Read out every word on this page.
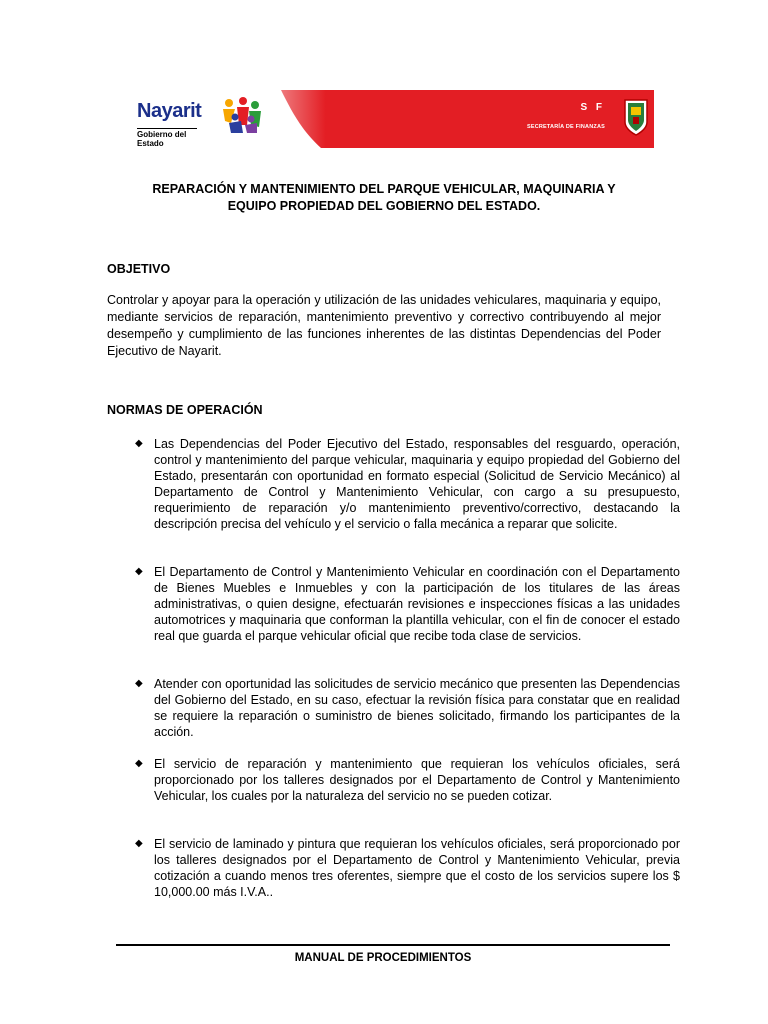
Nayarit
Gobierno del Estado
S F
SECRETARÍA DE FINANZAS
REPARACIÓN Y MANTENIMIENTO DEL PARQUE VEHICULAR, MAQUINARIA Y
EQUIPO PROPIEDAD DEL GOBIERNO DEL ESTADO.
OBJETIVO
Controlar y apoyar para la operación y utilización de las unidades vehiculares, maquinaria y equipo, mediante servicios de reparación, mantenimiento preventivo y correctivo contribuyendo al mejor desempeño y cumplimiento de las funciones inherentes de las distintas Dependencias del Poder Ejecutivo de Nayarit.
NORMAS DE OPERACIÓN
◆ Las Dependencias del Poder Ejecutivo del Estado, responsables del resguardo, operación, control y mantenimiento del parque vehicular, maquinaria y equipo propiedad del Gobierno del Estado, presentarán con oportunidad en formato especial (Solicitud de Servicio Mecánico) al Departamento de Control y Mantenimiento Vehicular, con cargo a su presupuesto, requerimiento de reparación y/o mantenimiento preventivo/correctivo, destacando la descripción precisa del vehículo y el servicio o falla mecánica a reparar que solicite.
◆ El Departamento de Control y Mantenimiento Vehicular en coordinación con el Departamento de Bienes Muebles e Inmuebles y con la participación de los titulares de las áreas administrativas, o quien designe, efectuarán revisiones e inspecciones físicas a las unidades automotrices y maquinaria que conforman la plantilla vehicular, con el fin de conocer el estado real que guarda el parque vehicular oficial que recibe toda clase de servicios.
◆ Atender con oportunidad las solicitudes de servicio mecánico que presenten las Dependencias del Gobierno del Estado, en su caso, efectuar la revisión física para constatar que en realidad se requiere la reparación o suministro de bienes solicitado, firmando los participantes de la acción.
◆ El servicio de reparación y mantenimiento que requieran los vehículos oficiales, será proporcionado por los talleres designados por el Departamento de Control y Mantenimiento Vehicular, los cuales por la naturaleza del servicio no se pueden cotizar.
◆ El servicio de laminado y pintura que requieran los vehículos oficiales, será proporcionado por los talleres designados por el Departamento de Control y Mantenimiento Vehicular, previa cotización a cuando menos tres oferentes, siempre que el costo de los servicios supere los $ 10,000.00 más I.V.A..
MANUAL DE PROCEDIMIENTOS
